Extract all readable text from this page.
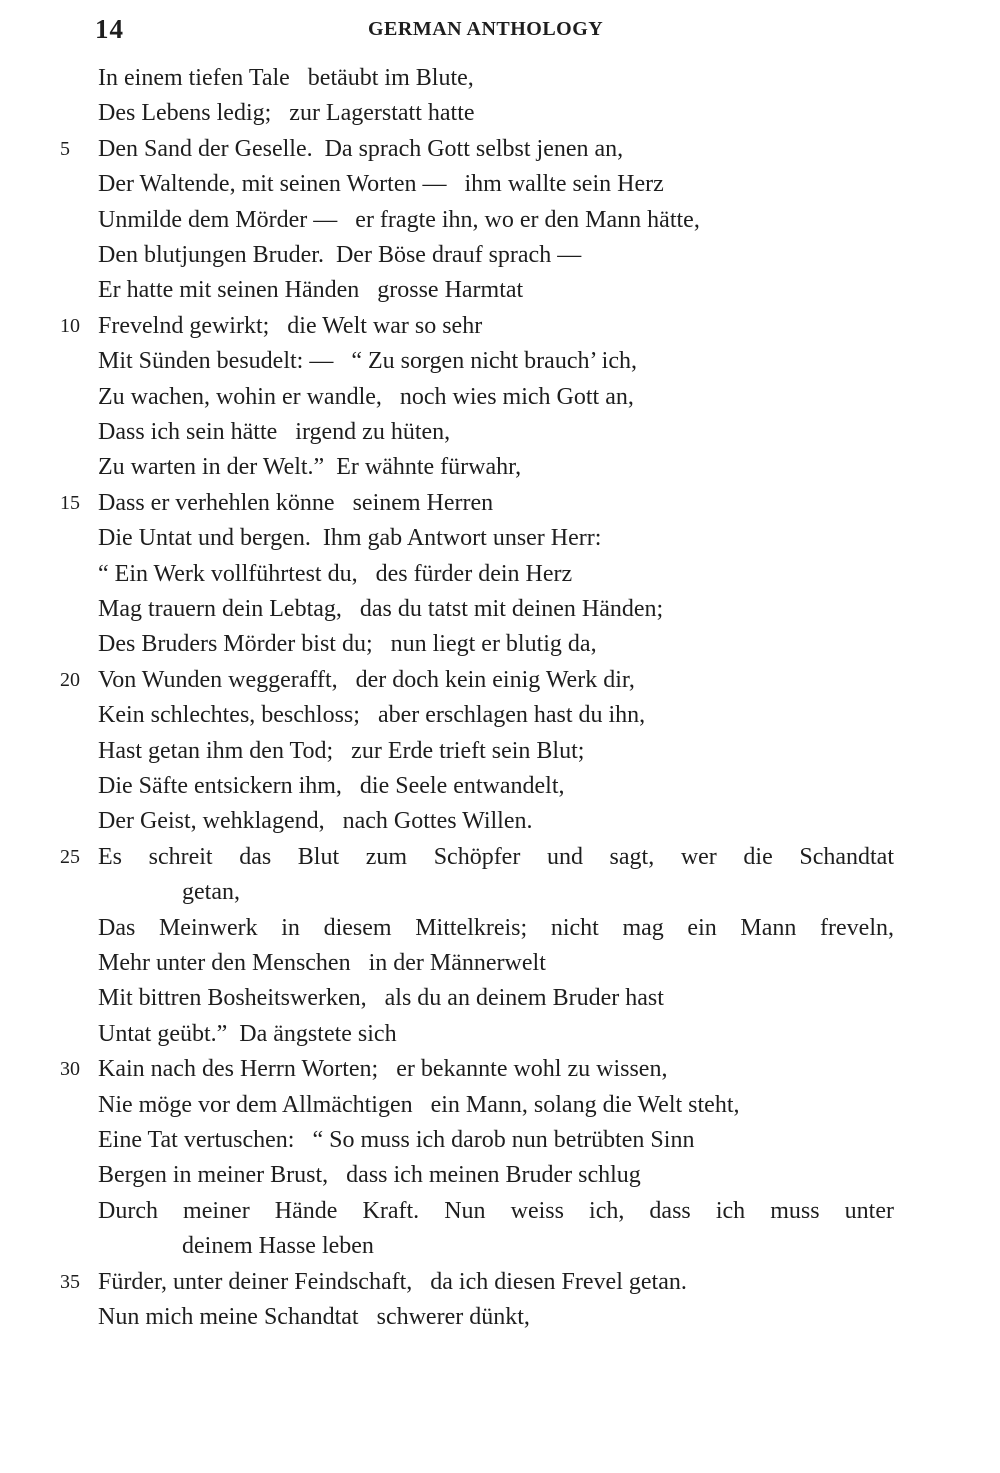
14	GERMAN ANTHOLOGY
In einem tiefen Tale   betäubt im Blute,
Des Lebens ledig;   zur Lagerstatt hatte
5	Den Sand der Geselle.  Da sprach Gott selbst jenen an,
Der Waltende, mit seinen Worten —   ihm wallte sein Herz
Unmilde dem Mörder —   er fragte ihn, wo er den Mann hätte,
Den blutjungen Bruder.  Der Böse drauf sprach —
Er hatte mit seinen Händen   grosse Harmtat
10 Frevelnd gewirkt;   die Welt war so sehr
Mit Sünden besudelt: —   “ Zu sorgen nicht brauch’ ich,
Zu wachen, wohin er wandle,   noch wies mich Gott an,
Dass ich sein hätte   irgend zu hüten,
Zu warten in der Welt.”  Er wähnte fürwahr,
15 Dass er verhehlen könne   seinem Herren
Die Untat und bergen.  Ihm gab Antwort unser Herr:
“ Ein Werk vollführtest du,   des fürder dein Herz
Mag trauern dein Lebtag,   das du tatst mit deinen Händen;
Des Bruders Mörder bist du;   nun liegt er blutig da,
20 Von Wunden weggerafft,   der doch kein einig Werk dir,
Kein schlechtes, beschloss;   aber erschlagen hast du ihn,
Hast getan ihm den Tod;   zur Erde trieft sein Blut;
Die Säfte entsickern ihm,   die Seele entwandelt,
Der Geist, wehklagend,   nach Gottes Willen.
25 Es schreit das Blut zum Schöpfer und sagt, wer die Schandtat
getan,
Das Meinwerk in diesem Mittelkreis; nicht mag ein Mann freveln,
Mehr unter den Menschen   in der Männerwelt
Mit bittren Bosheitswerken,   als du an deinem Bruder hast
Untat geübt.”  Da ängstete sich
30 Kain nach des Herrn Worten;   er bekannte wohl zu wissen,
Nie möge vor dem Allmächtigen   ein Mann, solang die Welt steht,
Eine Tat vertuschen:   “ So muss ich darob nun betrübten Sinn
Bergen in meiner Brust,   dass ich meinen Bruder schlug
Durch meiner Hände Kraft. Nun weiss ich, dass ich muss unter
deinem Hasse leben
35 Fürder, unter deiner Feindschaft,   da ich diesen Frevel getan.
Nun mich meine Schandtat   schwerer dünkt,
